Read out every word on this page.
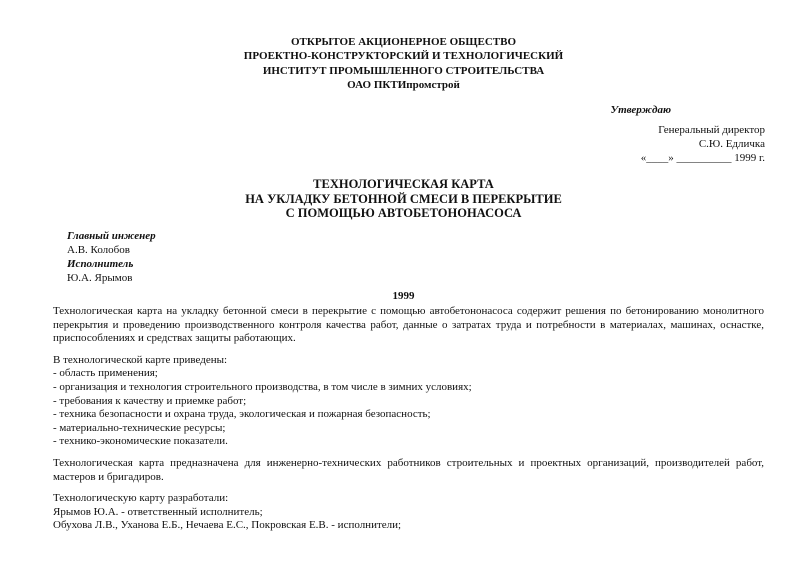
ОТКРЫТОЕ АКЦИОНЕРНОЕ ОБЩЕСТВО
ПРОЕКТНО-КОНСТРУКТОРСКИЙ И ТЕХНОЛОГИЧЕСКИЙ
ИНСТИТУТ ПРОМЫШЛЕННОГО СТРОИТЕЛЬСТВА
ОАО ПКТИпромстрой
Утверждаю
Генеральный директор
С.Ю. Едличка
«____» __________ 1999 г.
ТЕХНОЛОГИЧЕСКАЯ КАРТА
НА УКЛАДКУ БЕТОННОЙ СМЕСИ В ПЕРЕКРЫТИЕ
С ПОМОЩЬЮ АВТОБЕТОНОНАСОСА
Главный инженер
А.В. Колобов
Исполнитель
Ю.А. Ярымов
1999

Технологическая карта на укладку бетонной смеси в перекрытие с помощью автобетононасоса содержит решения по бетонированию монолитного перекрытия и проведению производственного контроля качества работ, данные о затратах труда и потребности в материалах, машинах, оснастке, приспособлениях и средствах защиты работающих.

В технологической карте приведены:
- область применения;
- организация и технология строительного производства, в том числе в зимних условиях;
- требования к качеству и приемке работ;
- техника безопасности и охрана труда, экологическая и пожарная безопасность;
- материально-технические ресурсы;
- технико-экономические показатели.

Технологическая карта предназначена для инженерно-технических работников строительных и проектных организаций, производителей работ, мастеров и бригадиров.

Технологическую карту разработали:
Ярымов Ю.А. - ответственный исполнитель;
Обухова Л.В., Уханова Е.Б., Нечаева Е.С., Покровская Е.В. - исполнители;
